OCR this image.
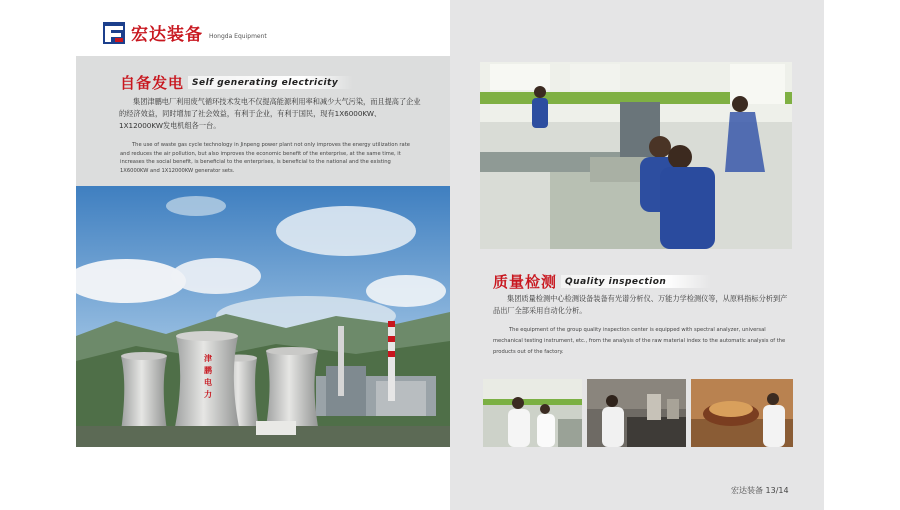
宏达装备 Hongda Equipment
自备发电 Self generating electricity
集团津鹏电厂利用废气循环技术发电不仅提高能源利用率和减少大气污染，而且提高了企业的经济效益，同时增加了社会效益，有利于企业，有利于国民，现有1X6000KW、1X12000KW发电机组各一台。
The use of waste gas cycle technology in Jinpeng power plant not only improves the energy utilization rate and reduces the air pollution, but also improves the economic benefit of the enterprise, at the same time, it increases the social benefit, is beneficial to the enterprises, is beneficial to the national and the existing 1X6000KW and 1X12000KW generator sets.
津 鹏 电 力
质量检测 Quality inspection
集团质量检测中心检测设备装备有光谱分析仪、万能力学检测仪等，从原料指标分析到产品出厂全部采用自动化分析。
The equipment of the group quality inspection center is equipped with spectral analyzer, universal mechanical testing instrument, etc., from the analysis of the raw material index to the automatic analysis of the products out of the factory.
宏达装备 13/14
